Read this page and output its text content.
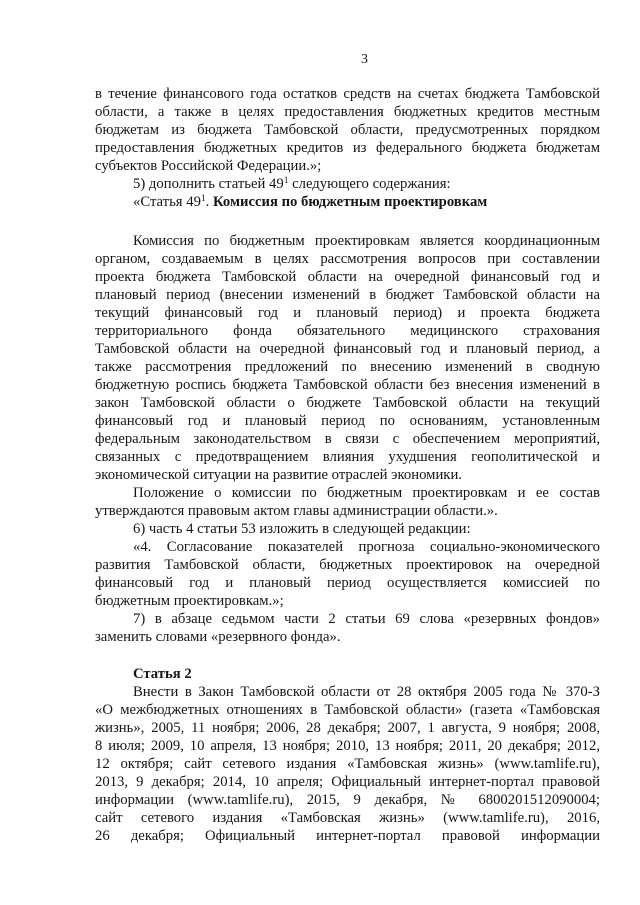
3
в течение финансового года остатков средств на счетах бюджета Тамбовской
области, а также в целях предоставления бюджетных кредитов местным
бюджетам из бюджета Тамбовской области, предусмотренных порядком
предоставления бюджетных кредитов из федерального бюджета бюджетам
субъектов Российской Федерации.»;
5) дополнить статьей $49^1$ следующего содержания:
«Статья $49^1$. Комиссия по бюджетным проектировкам
Комиссия по бюджетным проектировкам является координационным
органом, создаваемым в целях рассмотрения вопросов при составлении
проекта бюджета Тамбовской области на очередной финансовый год и
плановый период (внесении изменений в бюджет Тамбовской области на
текущий финансовый год и плановый период) и проекта бюджета
территориального фонда обязательного медицинского страхования
Тамбовской области на очередной финансовый год и плановый период, а
также рассмотрения предложений по внесению изменений в сводную
бюджетную роспись бюджета Тамбовской области без внесения изменений в
закон Тамбовской области о бюджете Тамбовской области на текущий
финансовый год и плановый период по основаниям, установленным
федеральным законодательством в связи с обеспечением мероприятий,
связанных с предотвращением влияния ухудшения геополитической и
экономической ситуации на развитие отраслей экономики.
Положение о комиссии по бюджетным проектировкам и ее состав
утверждаются правовым актом главы администрации области.».
6) часть 4 статьи 53 изложить в следующей редакции:
«4. Согласование показателей прогноза социально-экономического
развития Тамбовской области, бюджетных проектировок на очередной
финансовый год и плановый период осуществляется комиссией по
бюджетным проектировкам.»;
7) в абзаце седьмом части 2 статьи 69 слова «резервных фондов»
заменить словами «резервного фонда».
Статья 2
Внести в Закон Тамбовской области от 28 октября 2005 года № 370-З
«О межбюджетных отношениях в Тамбовской области» (газета «Тамбовская
жизнь», 2005, 11 ноября; 2006, 28 декабря; 2007, 1 августа, 9 ноября; 2008,
8 июля; 2009, 10 апреля, 13 ноября; 2010, 13 ноября; 2011, 20 декабря; 2012,
12 октября; сайт сетевого издания «Тамбовская жизнь» (www.tamlife.ru),
2013, 9 декабря; 2014, 10 апреля; Официальный интернет-портал правовой
информации (www.tamlife.ru), 2015, 9 декабря, № 6800201512090004;
сайт сетевого издания «Тамбовская жизнь» (www.tamlife.ru), 2016,
26 декабря; Официальный интернет-портал правовой информации
